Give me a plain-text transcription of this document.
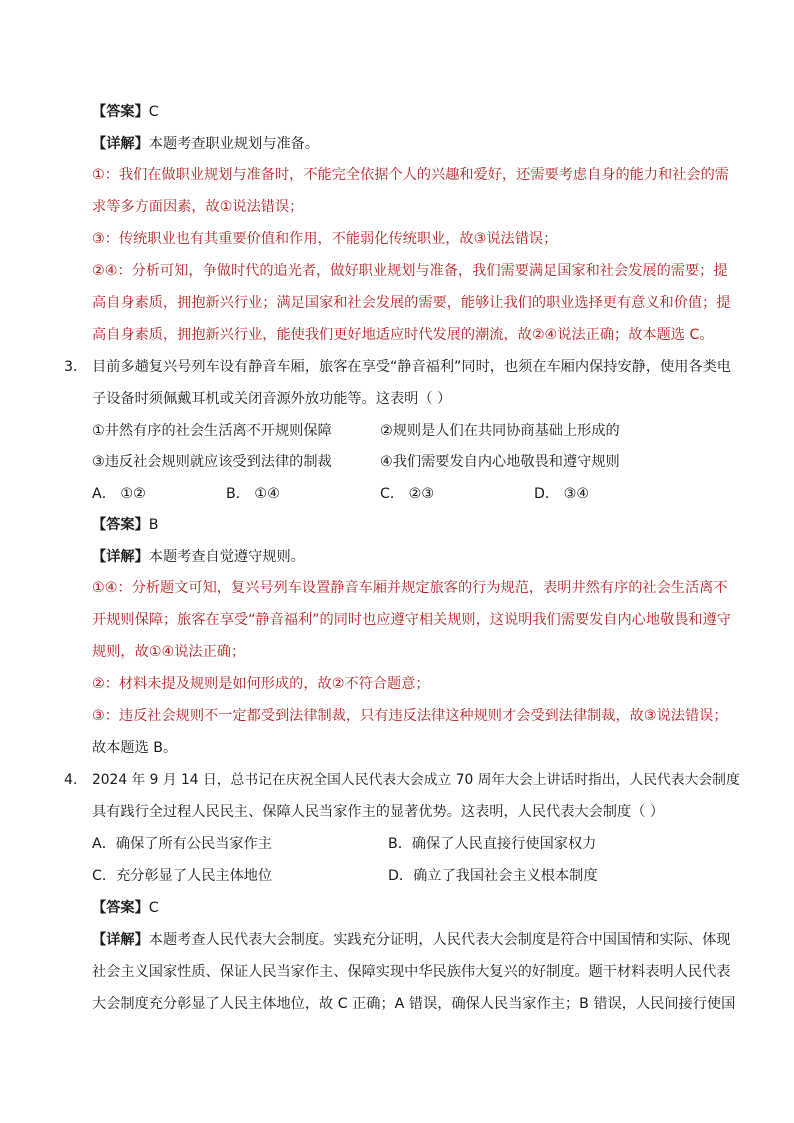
【答案】C
【详解】本题考查职业规划与准备。
①：我们在做职业规划与准备时，不能完全依据个人的兴趣和爱好，还需要考虑自身的能力和社会的需
求等多方面因素，故①说法错误；
③：传统职业也有其重要价值和作用，不能弱化传统职业，故③说法错误；
②④：分析可知，争做时代的追光者，做好职业规划与准备，我们需要满足国家和社会发展的需要；提
高自身素质，拥抱新兴行业；满足国家和社会发展的需要，能够让我们的职业选择更有意义和价值；提
高自身素质，拥抱新兴行业，能使我们更好地适应时代发展的潮流，故②④说法正确；故本题选 C。
3． 目前多趟复兴号列车设有静音车厢，旅客在享受“静音福利”同时，也须在车厢内保持安静，使用各类电
子设备时须佩戴耳机或关闭音源外放功能等。这表明（ ）
①井然有序的社会生活离不开规则保障	②规则是人们在共同协商基础上形成的
③违反社会规则就应该受到法律的制裁	④我们需要发自内心地敬畏和遵守规则
A． ①②	B． ①④	C． ②③	D． ③④
【答案】B
【详解】本题考查自觉遵守规则。
①④：分析题文可知，复兴号列车设置静音车厢并规定旅客的行为规范，表明井然有序的社会生活离不
开规则保障；旅客在享受“静音福利”的同时也应遵守相关规则，这说明我们需要发自内心地敬畏和遵守
规则，故①④说法正确；
②：材料未提及规则是如何形成的，故②不符合题意；
③：违反社会规则不一定都受到法律制裁，只有违反法律这种规则才会受到法律制裁，故③说法错误；
故本题选 B。
4． 2024 年 9 月 14 日，总书记在庆祝全国人民代表大会成立 70 周年大会上讲话时指出，人民代表大会制度
具有践行全过程人民民主、保障人民当家作主的显著优势。这表明，人民代表大会制度（ ）
A．确保了所有公民当家作主	B．确保了人民直接行使国家权力
C．充分彰显了人民主体地位	D．确立了我国社会主义根本制度
【答案】C
【详解】本题考查人民代表大会制度。实践充分证明，人民代表大会制度是符合中国国情和实际、体现
社会主义国家性质、保证人民当家作主、保障实现中华民族伟大复兴的好制度。题干材料表明人民代表
大会制度充分彰显了人民主体地位，故 C 正确；A 错误，确保人民当家作主；B 错误，人民间接行使国
